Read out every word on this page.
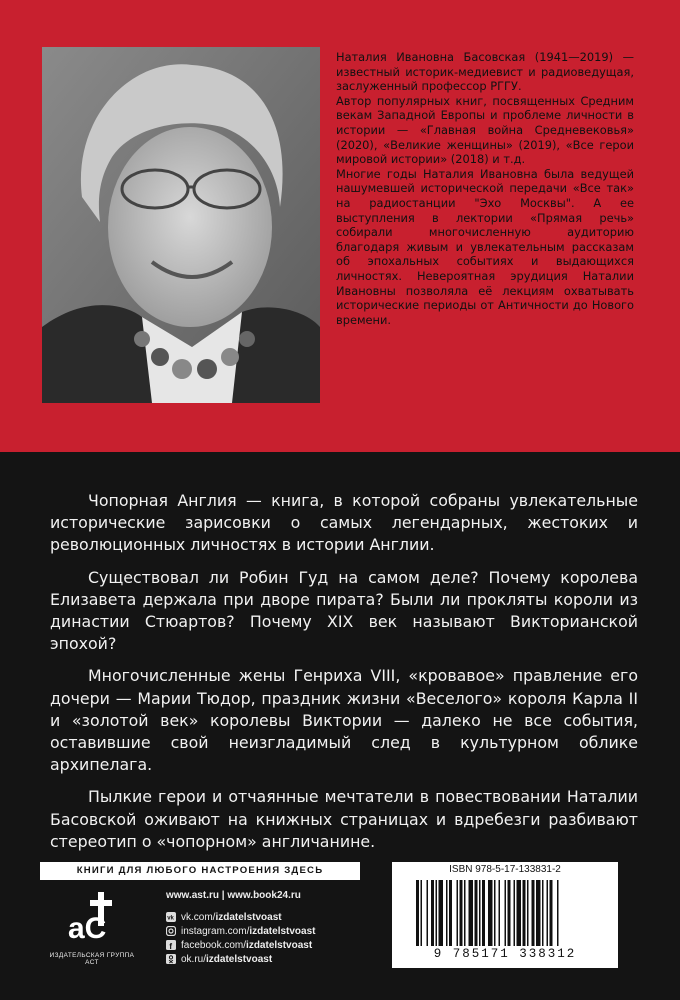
Наталия Ивановна Басовская (1941—2019) — известный историк-медиевист и радиоведущая, заслуженный профессор РГГУ.

Автор популярных книг, посвященных Средним векам Западной Европы и проблеме личности в истории — «Главная война Средневековья» (2020), «Великие женщины» (2019), «Все герои мировой истории» (2018) и т.д.

Многие годы Наталия Ивановна была ведущей нашумевшей исторической передачи «Все так» на радиостанции "Эхо Москвы". А ее выступления в лектории «Прямая речь» собирали многочисленную аудиторию благодаря живым и увлекательным рассказам об эпохальных событиях и выдающихся личностях. Невероятная эрудиция Наталии Ивановны позволяла её лекциям охватывать исторические периоды от Античности до Нового времени.

Чопорная Англия — книга, в которой собраны увлекательные исторические зарисовки о самых легендарных, жестоких и революционных личностях в истории Англии.

Существовал ли Робин Гуд на самом деле? Почему королева Елизавета держала при дворе пирата? Были ли прокляты короли из династии Стюартов? Почему XIX век называют Викторианской эпохой?

Многочисленные жены Генриха VIII, «кровавое» правление его дочери — Марии Тюдор, праздник жизни «Веселого» короля Карла II и «золотой век» королевы Виктории — далеко не все события, оставившие свой неизгладимый след в культурном облике архипелага.

Пылкие герои и отчаянные мечтатели в повествовании Наталии Басовской оживают на книжных страницах и вдребезги разбивают стереотип о «чопорном» англичанине.

КНИГИ ДЛЯ ЛЮБОГО НАСТРОЕНИЯ ЗДЕСЬ
aC
ИЗДАТЕЛЬСКАЯ ГРУППА АСТ
www.ast.ru | www.book24.ru
vk vk.com/ izdatelstvoast
instagram.com/ izdatelstvoast
f facebook.com/ izdatelstvoast
ok.ru/ izdatelstvoast
ISBN 978-5-17-133831-2
9 785171 338312
